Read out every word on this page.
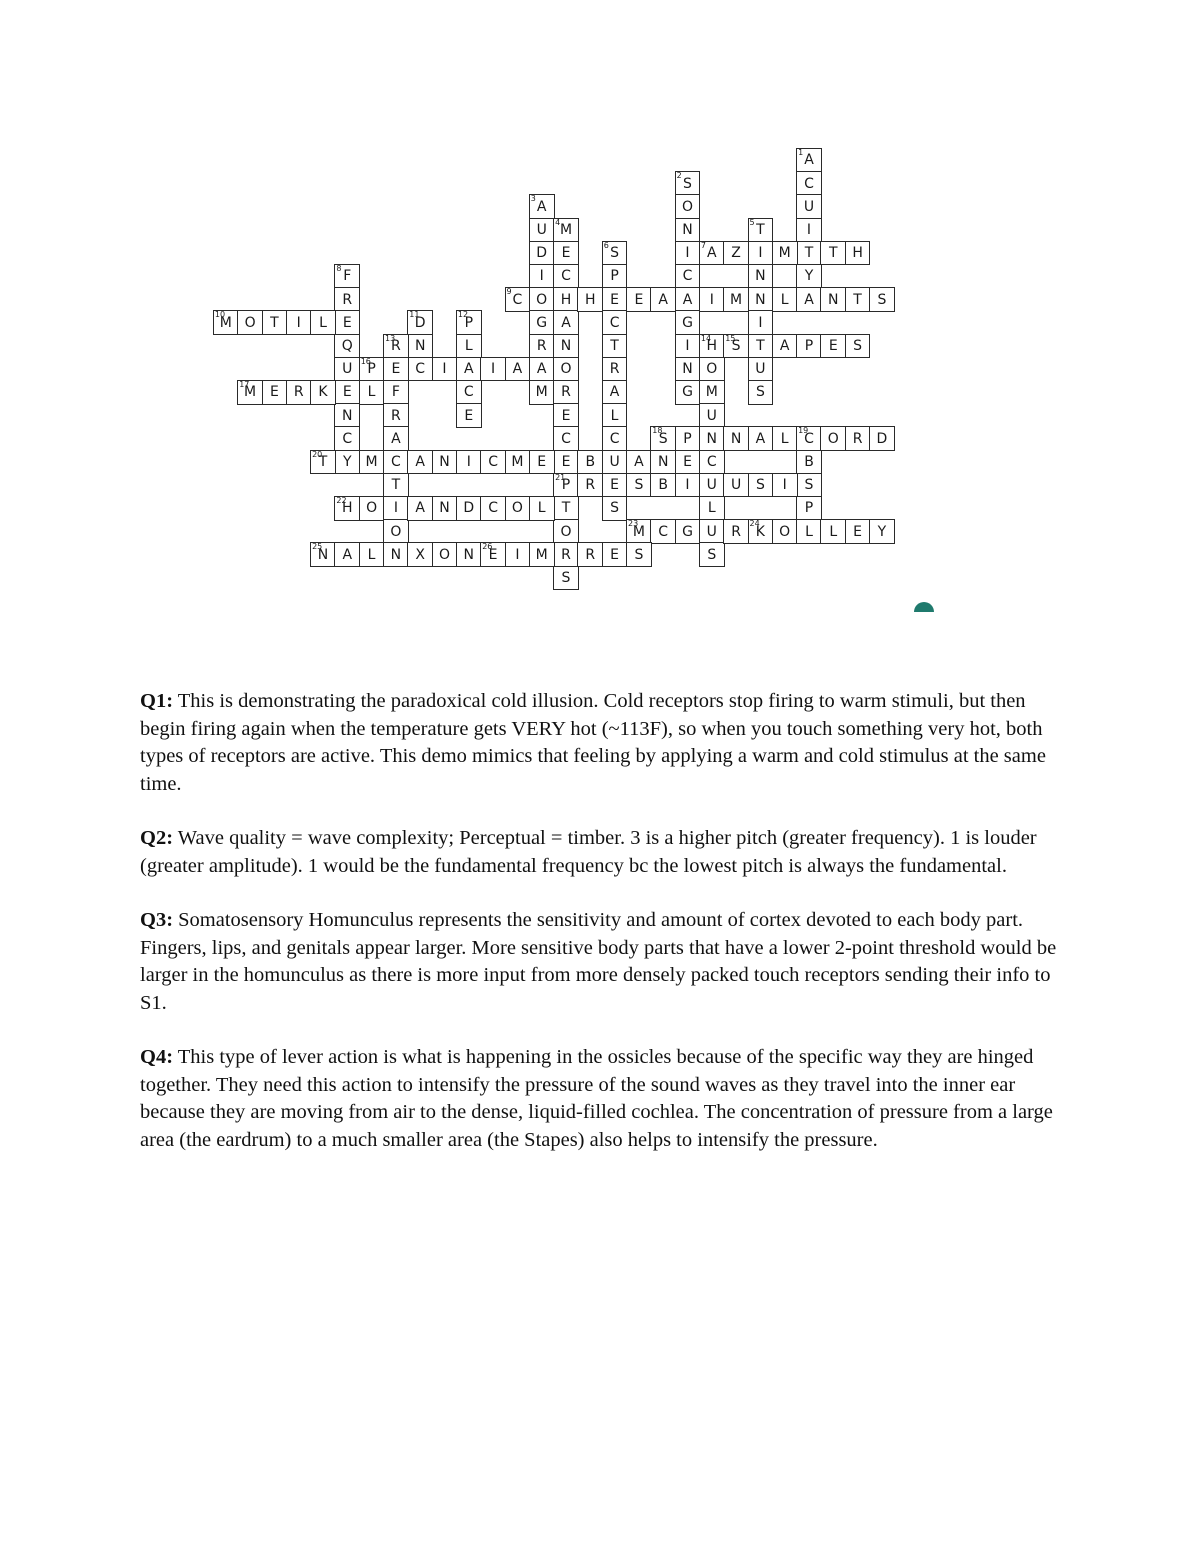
A
1
C
U
I
T
Y
S
2
O
N
I
C
A
G
I
N
G
A
3
U
D
I
O
G
R
A
M
M
4
E
C
H
A
N
O
R
E
C
E
P
21
T
O
R
S
T
5
I
N
N
I
T
U
S
S
6
P
E
C
T
R
A
L
C
U
E
S
A
7 Z	M	T H
F
8
R
E
Q
U
E
N
C
Y
C
9	H	E A	I M	L A N T S
M
10 O T I L	D
11
N
C
P
12
L
A
C
E
R
13
E
F
R
A
C
T
I
O
N
H
14
O
M
U
N
C
U
L
U
S
S
15	A P E S
P
16	I	I A
M
17 E R K	L
S
18 P	N A L C
19 O R D
B
S
P
T
20	M	A N I C M E	B	A N E
R	S B I	U S I
H
22 O	A N D C O L
M
23 C G	R K
24 O L L E Y
N
25 A L	X O N E
26 I M	R E S

Q1: This is demonstrating the paradoxical cold illusion. Cold receptors stop firing to warm stimuli, but then begin firing again when the temperature gets VERY hot (~113F), so when you touch something very hot, both types of receptors are active. This demo mimics that feeling by applying a warm and cold stimulus at the same time.

Q2: Wave quality = wave complexity; Perceptual = timber. 3 is a higher pitch (greater frequency). 1 is louder (greater amplitude). 1 would be the fundamental frequency bc the lowest pitch is always the fundamental.

Q3: Somatosensory Homunculus represents the sensitivity and amount of cortex devoted to each body part. Fingers, lips, and genitals appear larger. More sensitive body parts that have a lower 2-point threshold would be larger in the homunculus as there is more input from more densely packed touch receptors sending their info to S1.

Q4: This type of lever action is what is happening in the ossicles because of the specific way they are hinged together. They need this action to intensify the pressure of the sound waves as they travel into the inner ear because they are moving from air to the dense, liquid-filled cochlea. The concentration of pressure from a large area (the eardrum) to a much smaller area (the Stapes) also helps to intensify the pressure.
